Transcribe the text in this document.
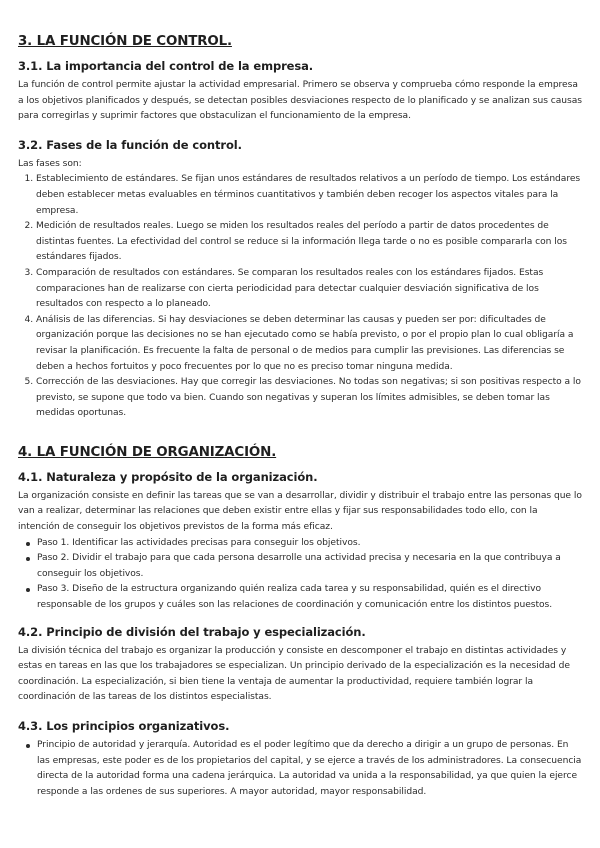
3. LA FUNCIÓN DE CONTROL.
3.1. La importancia del control de la empresa.

La función de control permite ajustar la actividad empresarial. Primero se observa y comprueba cómo responde la empresa a los objetivos planificados y después, se detectan posibles desviaciones respecto de lo planificado y se analizan sus causas para corregirlas y suprimir factores que obstaculizan el funcionamiento de la empresa.

3.2. Fases de la función de control.
Las fases son:
1. Establecimiento de estándares. Se fijan unos estándares de resultados relativos a un período de tiempo. Los estándares deben establecer metas evaluables en términos cuantitativos y también deben recoger los aspectos vitales para la empresa.
2. Medición de resultados reales. Luego se miden los resultados reales del período a partir de datos procedentes de distintas fuentes. La efectividad del control se reduce si la información llega tarde o no es posible compararla con los estándares fijados.
3. Comparación de resultados con estándares. Se comparan los resultados reales con los estándares fijados. Estas comparaciones han de realizarse con cierta periodicidad para detectar cualquier desviación significativa de los resultados con respecto a lo planeado.
4. Análisis de las diferencias. Si hay desviaciones se deben determinar las causas y pueden ser por: dificultades de organización porque las decisiones no se han ejecutado como se había previsto, o por el propio plan lo cual obligaría a revisar la planificación. Es frecuente la falta de personal o de medios para cumplir las previsiones. Las diferencias se deben a hechos fortuitos y poco frecuentes por lo que no es preciso tomar ninguna medida.
5. Corrección de las desviaciones. Hay que corregir las desviaciones. No todas son negativas; si son positivas respecto a lo previsto, se supone que todo va bien. Cuando son negativas y superan los límites admisibles, se deben tomar las medidas oportunas.
4. LA FUNCIÓN DE ORGANIZACIÓN.
4.1. Naturaleza y propósito de la organización.
La organización consiste en definir las tareas que se van a desarrollar, dividir y distribuir el trabajo entre las personas que lo van a realizar, determinar las relaciones que deben existir entre ellas y fijar sus responsabilidades todo ello, con la intención de conseguir los objetivos previstos de la forma más eficaz.
Paso 1. Identificar las actividades precisas para conseguir los objetivos.
Paso 2. Dividir el trabajo para que cada persona desarrolle una actividad precisa y necesaria en la que contribuya a conseguir los objetivos.
Paso 3. Diseño de la estructura organizando quién realiza cada tarea y su responsabilidad, quién es el directivo responsable de los grupos y cuáles son las relaciones de coordinación y comunicación entre los distintos puestos.
4.2. Principio de división del trabajo y especialización.

La división técnica del trabajo es organizar la producción y consiste en descomponer el trabajo en distintas actividades y estas en tareas en las que los trabajadores se especializan. Un principio derivado de la especialización es la necesidad de coordinación. La especialización, si bien tiene la ventaja de aumentar la productividad, requiere también lograr la coordinación de las tareas de los distintos especialistas.

4.3. Los principios organizativos.
Principio de autoridad y jerarquía. Autoridad es el poder legítimo que da derecho a dirigir a un grupo de personas. En las empresas, este poder es de los propietarios del capital, y se ejerce a través de los administradores. La consecuencia directa de la autoridad forma una cadena jerárquica. La autoridad va unida a la responsabilidad, ya que quien la ejerce responde a las ordenes de sus superiores. A mayor autoridad, mayor responsabilidad.
